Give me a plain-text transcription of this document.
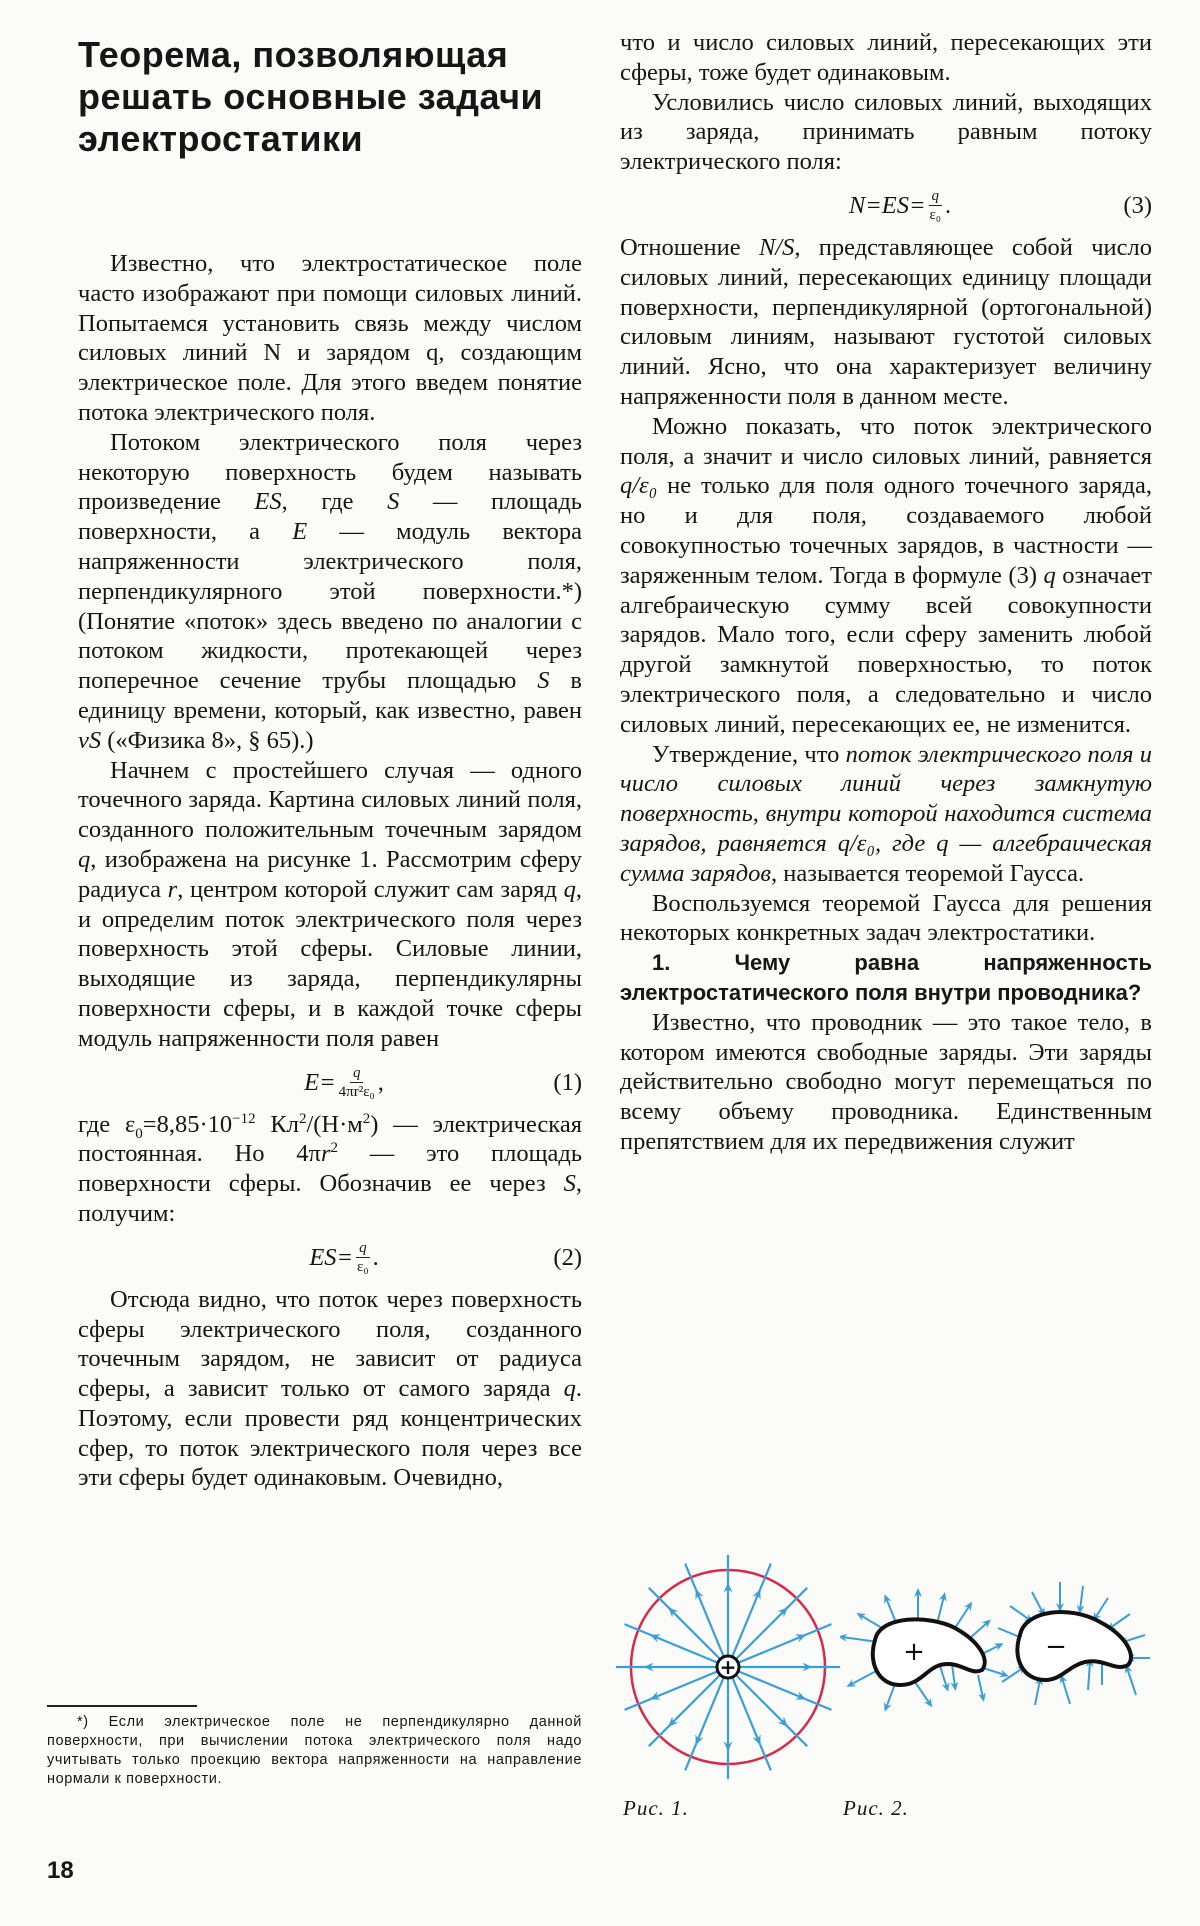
Теорема, позволяющая решать основные задачи электростатики

Известно, что электростатическое поле часто изображают при помощи силовых линий. Попытаемся установить связь между числом силовых линий N и зарядом q, создающим электрическое поле. Для этого введем понятие потока электрического поля.

Потоком электрического поля через некоторую поверхность будем называть произведение ES, где S — площадь поверхности, а E — модуль вектора напряженности электрического поля, перпендикулярного этой поверхности.*) (Понятие «поток» здесь введено по аналогии с потоком жидкости, протекающей через поперечное сечение трубы площадью S в единицу времени, который, как известно, равен vS («Физика 8», § 65).)

Начнем с простейшего случая — одного точечного заряда. Картина силовых линий поля, созданного положительным точечным зарядом q, изображена на рисунке 1. Рассмотрим сферу радиуса r, центром которой служит сам заряд q, и определим поток электрического поля через поверхность этой сферы. Силовые линии, выходящие из заряда, перпендикулярны поверхности сферы, и в каждой точке сферы модуль напряженности поля равен

$E= \frac{q}{\text{4πr²ε₀}}$ ,	(1)

где $\varepsilon_0=8,85\cdot 10^{-12}$ $Кл^2/(Н\cdot м^2)$ — электрическая постоянная. Но $4\pi r^2$ — это площадь поверхности сферы. Обозначив ее через S, получим:

$ES= \frac{q}{\text{ε₀}}$ .	(2)

Отсюда видно, что поток через поверхность сферы электрического поля, созданного точечным зарядом, не зависит от радиуса сферы, а зависит только от самого заряда q. Поэтому, если провести ряд концентрических сфер, то поток электрического поля через все эти сферы будет одинаковым. Очевидно,

что и число силовых линий, пересекающих эти сферы, тоже будет одинаковым.

Условились число силовых линий, выходящих из заряда, принимать равным потоку электрического поля:

$N=ES= \frac{q}{\text{ε₀}}$ .	(3)

Отношение N/S, представляющее собой число силовых линий, пересекающих единицу площади поверхности, перпендикулярной (ортогональной) силовым линиям, называют густотой силовых линий. Ясно, что она характеризует величину напряженности поля в данном месте.

Можно показать, что поток электрического поля, а значит и число силовых линий, равняется q/ε₀ не только для поля одного точечного заряда, но и для поля, создаваемого любой совокупностью точечных зарядов, в частности — заряженным телом. Тогда в формуле (3) q означает алгебраическую сумму всей совокупности зарядов. Мало того, если сферу заменить любой другой замкнутой поверхностью, то поток электрического поля, а следовательно и число силовых линий, пересекающих ее, не изменится.

Утверждение, что поток электрического поля и число силовых линий через замкнутую поверхность, внутри которой находится система зарядов, равняется q/ε₀, где q — алгебраическая сумма зарядов, называется теоремой Гаусса.

Воспользуемся теоремой Гаусса для решения некоторых конкретных задач электростатики.

1. Чему равна напряженность электростатического поля внутри проводника?

Известно, что проводник — это такое тело, в котором имеются свободные заряды. Эти заряды действительно свободно могут перемещаться по всему объему проводника. Единственным препятствием для их передвижения служит

+	+	−
Рис. 1.	Рис. 2.

*) Если электрическое поле не перпендикулярно данной поверхности, при вычислении потока электрического поля надо учитывать только проекцию вектора напряженности на направление нормали к поверхности.

18
